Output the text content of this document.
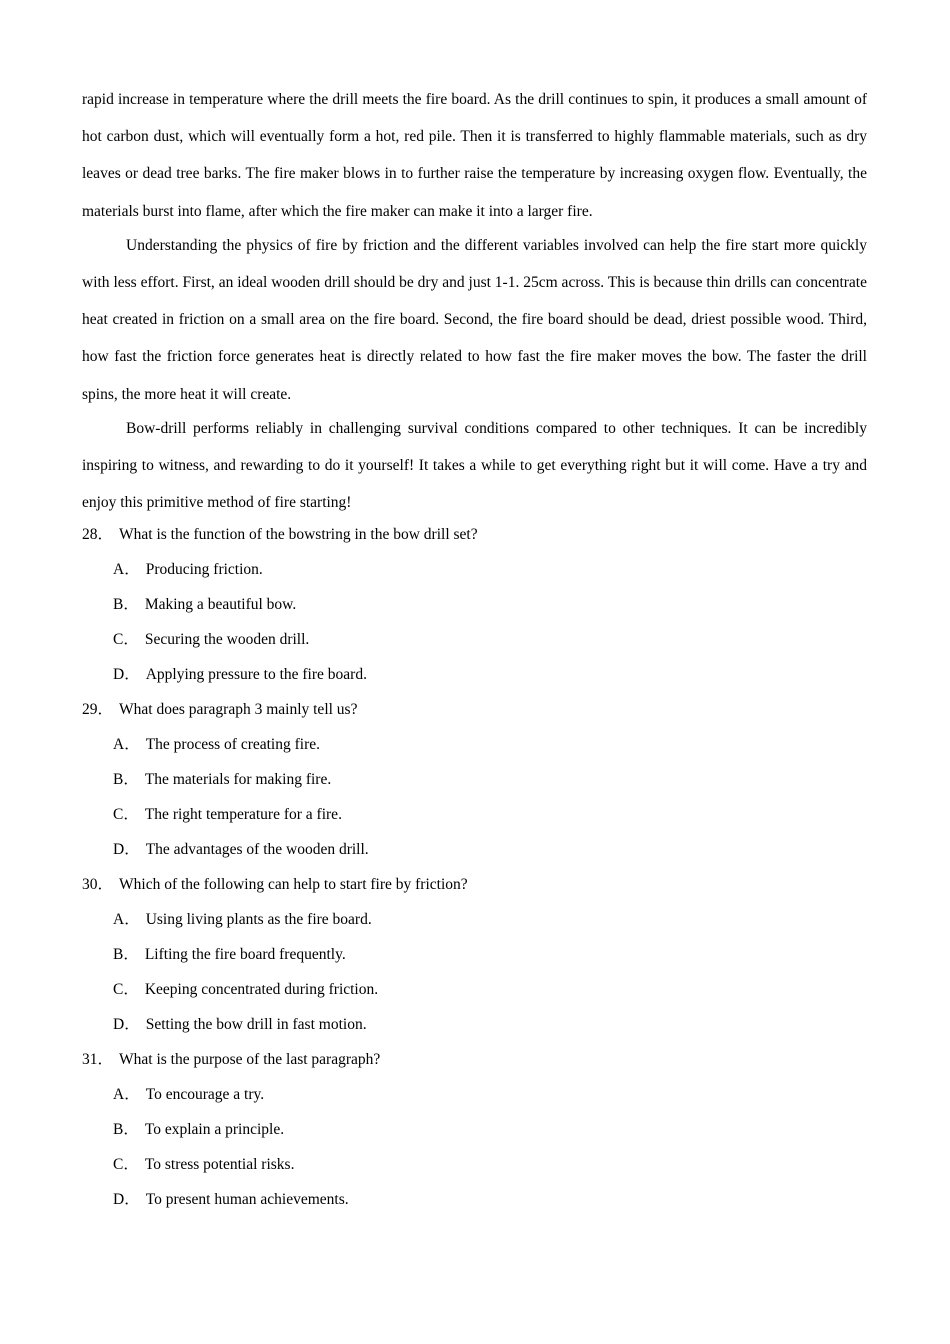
rapid increase in temperature where the drill meets the fire board. As the drill continues to spin, it produces a small amount of hot carbon dust, which will eventually form a hot, red pile. Then it is transferred to highly flammable materials, such as dry leaves or dead tree barks. The fire maker blows in to further raise the temperature by increasing oxygen flow. Eventually, the materials burst into flame, after which the fire maker can make it into a larger fire.

Understanding the physics of fire by friction and the different variables involved can help the fire start more quickly with less effort. First, an ideal wooden drill should be dry and just 1-1. 25cm across. This is because thin drills can concentrate heat created in friction on a small area on the fire board. Second, the fire board should be dead, driest possible wood. Third, how fast the friction force generates heat is directly related to how fast the fire maker moves the bow. The faster the drill spins, the more heat it will create.

Bow-drill performs reliably in challenging survival conditions compared to other techniques. It can be incredibly inspiring to witness, and rewarding to do it yourself! It takes a while to get everything right but it will come. Have a try and enjoy this primitive method of fire starting!

28． What is the function of the bowstring in the bow drill set?

A． Producing friction.

B． Making a beautiful bow.

C． Securing the wooden drill.

D． Applying pressure to the fire board.

29． What does paragraph 3 mainly tell us?

A． The process of creating fire.

B． The materials for making fire.

C． The right temperature for a fire.

D． The advantages of the wooden drill.

30． Which of the following can help to start fire by friction?

A． Using living plants as the fire board.

B． Lifting the fire board frequently.

C． Keeping concentrated during friction.

D． Setting the bow drill in fast motion.

31． What is the purpose of the last paragraph?

A． To encourage a try.

B． To explain a principle.

C． To stress potential risks.

D． To present human achievements.
